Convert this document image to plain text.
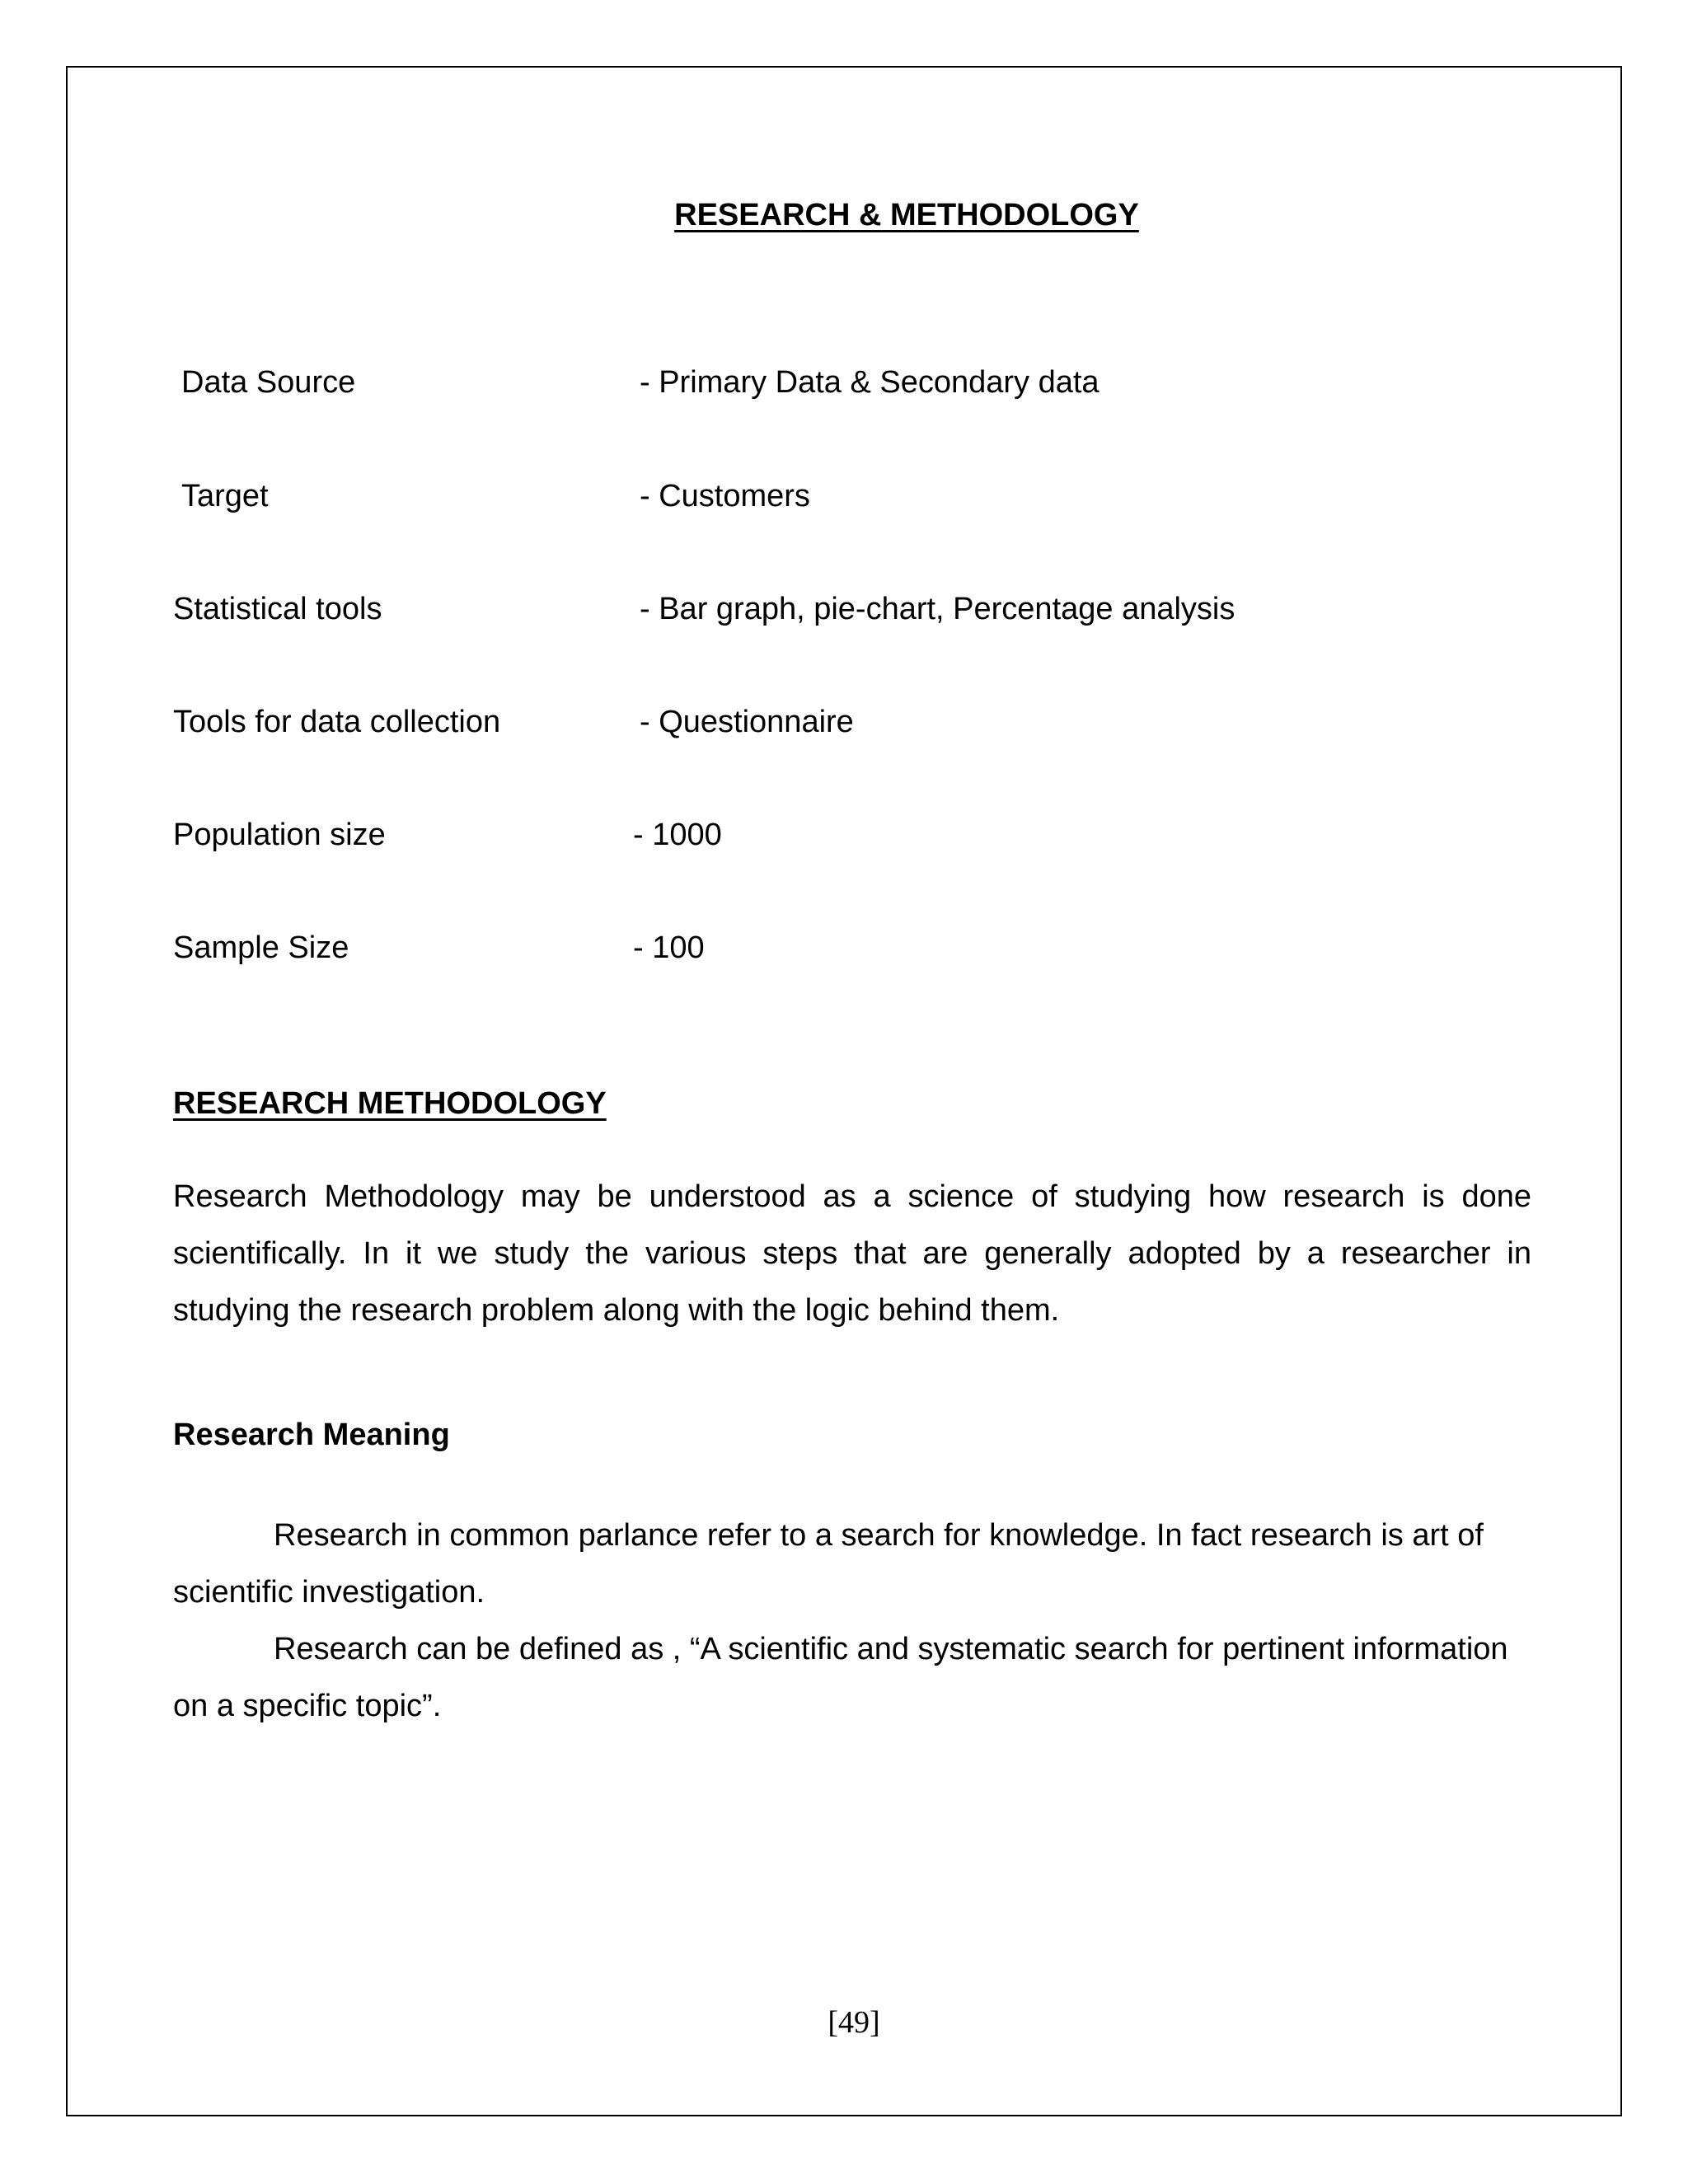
RESEARCH & METHODOLOGY
Data Source	- Primary Data & Secondary data
Target	- Customers
Statistical tools	- Bar graph, pie-chart, Percentage analysis
Tools for data collection	- Questionnaire
Population size	- 1000
Sample Size	- 100
RESEARCH METHODOLOGY
Research Methodology may be understood as a science of studying how research is done scientifically. In it we study the various steps that are generally adopted by a researcher in studying the research problem along with the logic behind them.
Research Meaning
Research in common parlance refer to a search for knowledge. In fact research is art of scientific investigation.
Research can be defined as , “A scientific and systematic search for pertinent information on a specific topic”.
[49]
